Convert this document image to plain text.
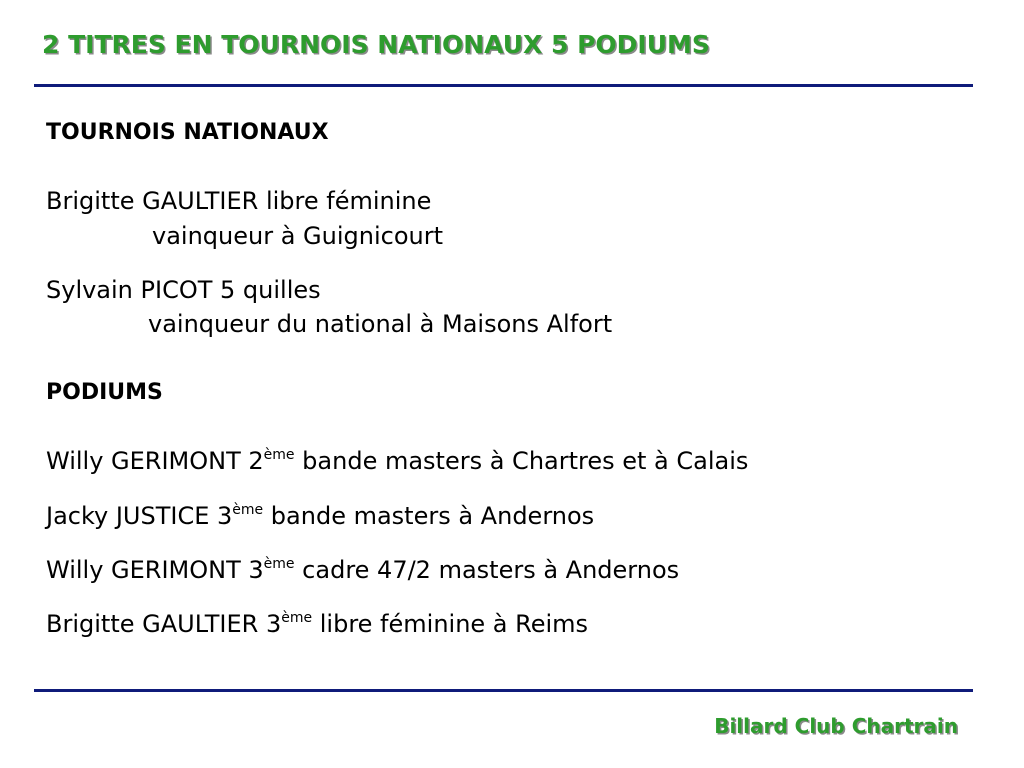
2 TITRES EN TOURNOIS NATIONAUX 5 PODIUMS
TOURNOIS NATIONAUX
Brigitte GAULTIER libre féminine
vainqueur à Guignicourt
Sylvain PICOT 5 quilles
vainqueur du national à Maisons Alfort
PODIUMS
Willy GERIMONT 2ème bande masters à Chartres et à Calais
Jacky JUSTICE 3ème bande masters à Andernos
Willy GERIMONT 3ème cadre 47/2 masters à Andernos
Brigitte GAULTIER 3ème libre féminine à Reims
Billard Club Chartrain
